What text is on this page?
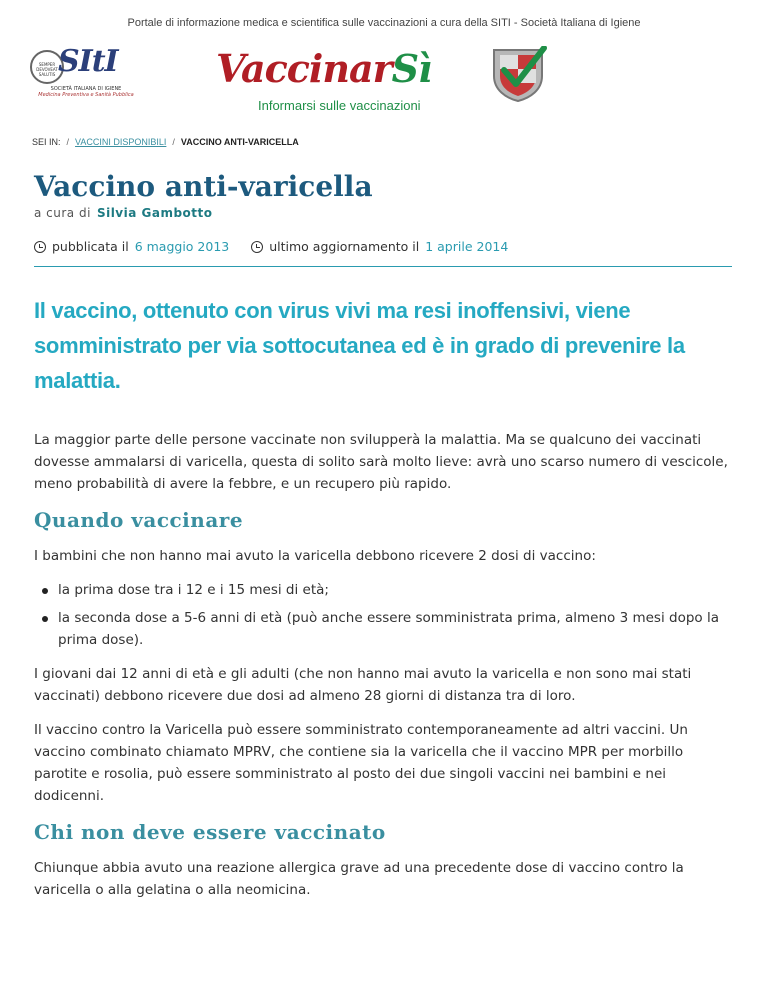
Portale di informazione medica e scientifica sulle vaccinazioni a cura della SITI - Società Italiana di Igiene
SEMPER DEVOVEAT SALUTIS SItI
SOCIETÀ ITALIANA DI IGIENE
Medicina Preventiva e Sanità Pubblica
VaccinarSì
Informarsi sulle vaccinazioni
SEI IN: / VACCINI DISPONIBILI / VACCINO ANTI-VARICELLA
Vaccino anti-varicella
a cura di Silvia Gambotto
pubblicata il 6 maggio 2013	ultimo aggiornamento il 1 aprile 2014
Il vaccino, ottenuto con virus vivi ma resi inoffensivi, viene somministrato per via sottocutanea ed è in grado di prevenire la malattia.

La maggior parte delle persone vaccinate non svilupperà la malattia. Ma se qualcuno dei vaccinati dovesse ammalarsi di varicella, questa di solito sarà molto lieve: avrà uno scarso numero di vescicole, meno probabilità di avere la febbre, e un recupero più rapido.

Quando vaccinare

I bambini che non hanno mai avuto la varicella debbono ricevere 2 dosi di vaccino:

la prima dose tra i 12 e i 15 mesi di età;
la seconda dose a 5-6 anni di età (può anche essere somministrata prima, almeno 3 mesi dopo la prima dose).

I giovani dai 12 anni di età e gli adulti (che non hanno mai avuto la varicella e non sono mai stati vaccinati) debbono ricevere due dosi ad almeno 28 giorni di distanza tra di loro.

Il vaccino contro la Varicella può essere somministrato contemporaneamente ad altri vaccini. Un vaccino combinato chiamato MPRV, che contiene sia la varicella che il vaccino MPR per morbillo parotite e rosolia, può essere somministrato al posto dei due singoli vaccini nei bambini e nei dodicenni.

Chi non deve essere vaccinato

Chiunque abbia avuto una reazione allergica grave ad una precedente dose di vaccino contro la varicella o alla gelatina o alla neomicina.
